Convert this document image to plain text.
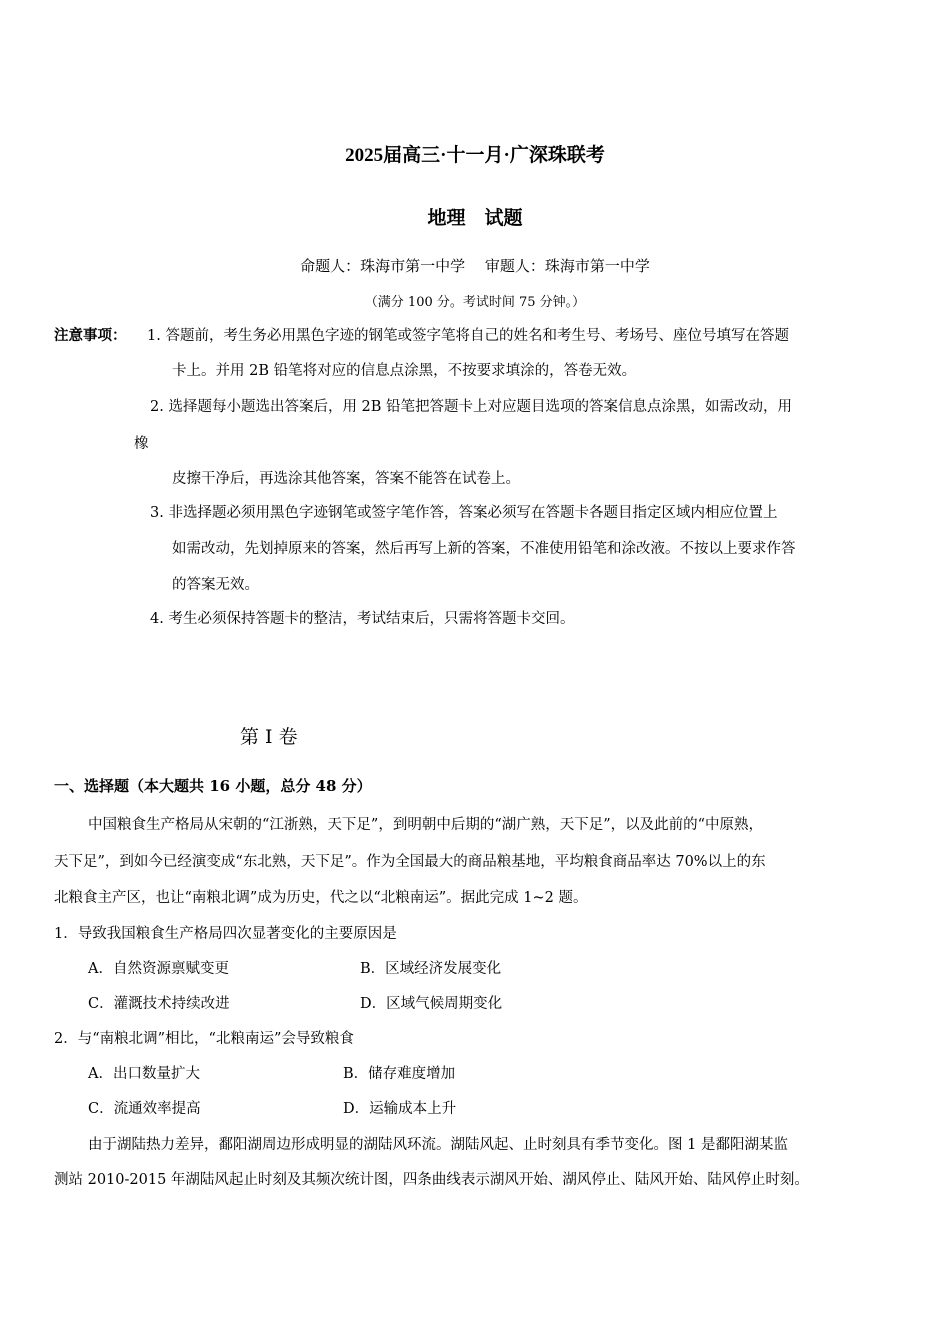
2025届高三·十一月·广深珠联考
地理　试题
命题人：珠海市第一中学　 审题人：珠海市第一中学
（满分 100 分。考试时间 75 分钟。）
注意事项： 1. 答题前，考生务必用黑色字迹的钢笔或签字笔将自己的姓名和考生号、考场号、座位号填写在答题
卡上。并用 2B 铅笔将对应的信息点涂黑，不按要求填涂的，答卷无效。
2. 选择题每小题选出答案后，用 2B 铅笔把答题卡上对应题目选项的答案信息点涂黑，如需改动，用
橡
皮擦干净后，再选涂其他答案，答案不能答在试卷上。
3. 非选择题必须用黑色字迹钢笔或签字笔作答，答案必须写在答题卡各题目指定区域内相应位置上
如需改动，先划掉原来的答案，然后再写上新的答案，不准使用铅笔和涂改液。不按以上要求作答
的答案无效。
4. 考生必须保持答题卡的整洁，考试结束后，只需将答题卡交回。
第 I 卷
一、选择题（本大题共 16 小题，总分 48 分）
中国粮食生产格局从宋朝的“江浙熟，天下足”，到明朝中后期的“湖广熟，天下足”，以及此前的“中原熟，
天下足”，到如今已经演变成“东北熟，天下足”。作为全国最大的商品粮基地，平均粮食商品率达 70%以上的东
北粮食主产区，也让“南粮北调”成为历史，代之以“北粮南运”。据此完成 1~2 题。
1．导致我国粮食生产格局四次显著变化的主要原因是
A．自然资源禀赋变更	B．区域经济发展变化
C．灌溉技术持续改进	D．区域气候周期变化
2．与“南粮北调”相比，“北粮南运”会导致粮食
A．出口数量扩大	B．储存难度增加
C．流通效率提高	D．运输成本上升
由于湖陆热力差异，鄱阳湖周边形成明显的湖陆风环流。湖陆风起、止时刻具有季节变化。图 1 是鄱阳湖某监
测站 2010-2015 年湖陆风起止时刻及其频次统计图，四条曲线表示湖风开始、湖风停止、陆风开始、陆风停止时刻。
